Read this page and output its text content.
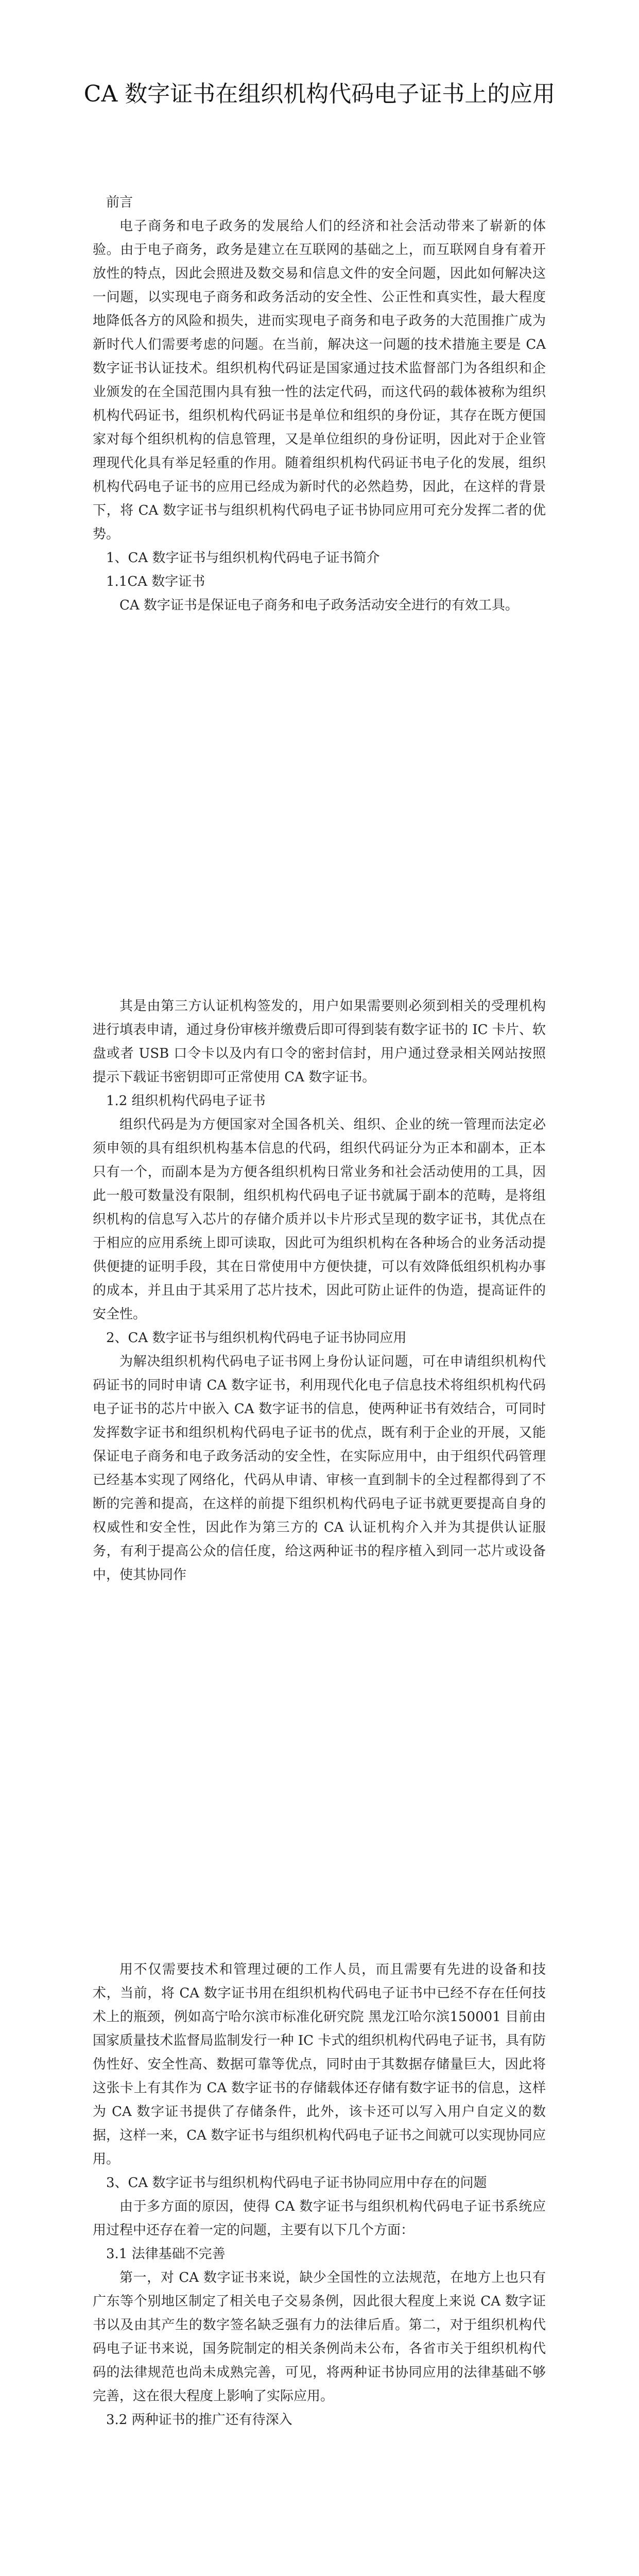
CA 数字证书在组织机构代码电子证书上的应用

前言

电子商务和电子政务的发展给人们的经济和社会活动带来了崭新的体验。由于电子商务，政务是建立在互联网的基础之上，而互联网自身有着开放性的特点，因此会照进及数交易和信息文件的安全问题，因此如何解决这一问题，以实现电子商务和政务活动的安全性、公正性和真实性，最大程度地降低各方的风险和损失，进而实现电子商务和电子政务的大范围推广成为新时代人们需要考虑的问题。在当前，解决这一问题的技术措施主要是 CA 数字证书认证技术。组织机构代码证是国家通过技术监督部门为各组织和企业颁发的在全国范围内具有独一性的法定代码，而这代码的载体被称为组织机构代码证书，组织机构代码证书是单位和组织的身份证，其存在既方便国家对每个组织机构的信息管理，又是单位组织的身份证明，因此对于企业管理现代化具有举足轻重的作用。随着组织机构代码证书电子化的发展，组织机构代码电子证书的应用已经成为新时代的必然趋势，因此，在这样的背景下，将 CA 数字证书与组织机构代码电子证书协同应用可充分发挥二者的优势。

1、CA 数字证书与组织机构代码电子证书简介

1.1CA 数字证书

CA 数字证书是保证电子商务和电子政务活动安全进行的有效工具。

其是由第三方认证机构签发的，用户如果需要则必须到相关的受理机构进行填表申请，通过身份审核并缴费后即可得到装有数字证书的 IC 卡片、软盘或者 USB 口令卡以及内有口令的密封信封，用户通过登录相关网站按照提示下载证书密钥即可正常使用 CA 数字证书。

1.2 组织机构代码电子证书

组织代码是为方便国家对全国各机关、组织、企业的统一管理而法定必须申领的具有组织机构基本信息的代码，组织代码证分为正本和副本，正本只有一个，而副本是为方便各组织机构日常业务和社会活动使用的工具，因此一般可数量没有限制，组织机构代码电子证书就属于副本的范畴，是将组织机构的信息写入芯片的存储介质并以卡片形式呈现的数字证书，其优点在于相应的应用系统上即可读取，因此可为组织机构在各种场合的业务活动提供便捷的证明手段，其在日常使用中方便快捷，可以有效降低组织机构办事的成本，并且由于其采用了芯片技术，因此可防止证件的伪造，提高证件的安全性。

2、CA 数字证书与组织机构代码电子证书协同应用

为解决组织机构代码电子证书网上身份认证问题，可在申请组织机构代码证书的同时申请 CA 数字证书，利用现代化电子信息技术将组织机构代码电子证书的芯片中嵌入 CA 数字证书的信息，使两种证书有效结合，可同时发挥数字证书和组织机构代码电子证书的优点，既有利于企业的开展，又能保证电子商务和电子政务活动的安全性，在实际应用中，由于组织代码管理已经基本实现了网络化，代码从申请、审核一直到制卡的全过程都得到了不断的完善和提高，在这样的前提下组织机构代码电子证书就更要提高自身的权威性和安全性，因此作为第三方的 CA 认证机构介入并为其提供认证服务，有利于提高公众的信任度，给这两种证书的程序植入到同一芯片或设备中，使其协同作

用不仅需要技术和管理过硬的工作人员，而且需要有先进的设备和技术，当前，将 CA 数字证书用在组织机构代码电子证书中已经不存在任何技术上的瓶颈，例如高宁哈尔滨市标准化研究院 黑龙江哈尔滨150001 目前由国家质量技术监督局监制发行一种 IC 卡式的组织机构代码电子证书，具有防伪性好、安全性高、数据可靠等优点，同时由于其数据存储量巨大，因此将这张卡上有其作为 CA 数字证书的存储载体还存储有数字证书的信息，这样为 CA 数字证书提供了存储条件，此外，该卡还可以写入用户自定义的数据，这样一来，CA 数字证书与组织机构代码电子证书之间就可以实现协同应用。

3、CA 数字证书与组织机构代码电子证书协同应用中存在的问题

由于多方面的原因，使得 CA 数字证书与组织机构代码电子证书系统应用过程中还存在着一定的问题，主要有以下几个方面：

3.1 法律基础不完善

第一，对 CA 数字证书来说，缺少全国性的立法规范，在地方上也只有广东等个别地区制定了相关电子交易条例，因此很大程度上来说 CA 数字证书以及由其产生的数字签名缺乏强有力的法律后盾。第二，对于组织机构代码电子证书来说，国务院制定的相关条例尚未公布，各省市关于组织机构代码的法律规范也尚未成熟完善，可见，将两种证书协同应用的法律基础不够完善，这在很大程度上影响了实际应用。

3.2 两种证书的推广还有待深入
